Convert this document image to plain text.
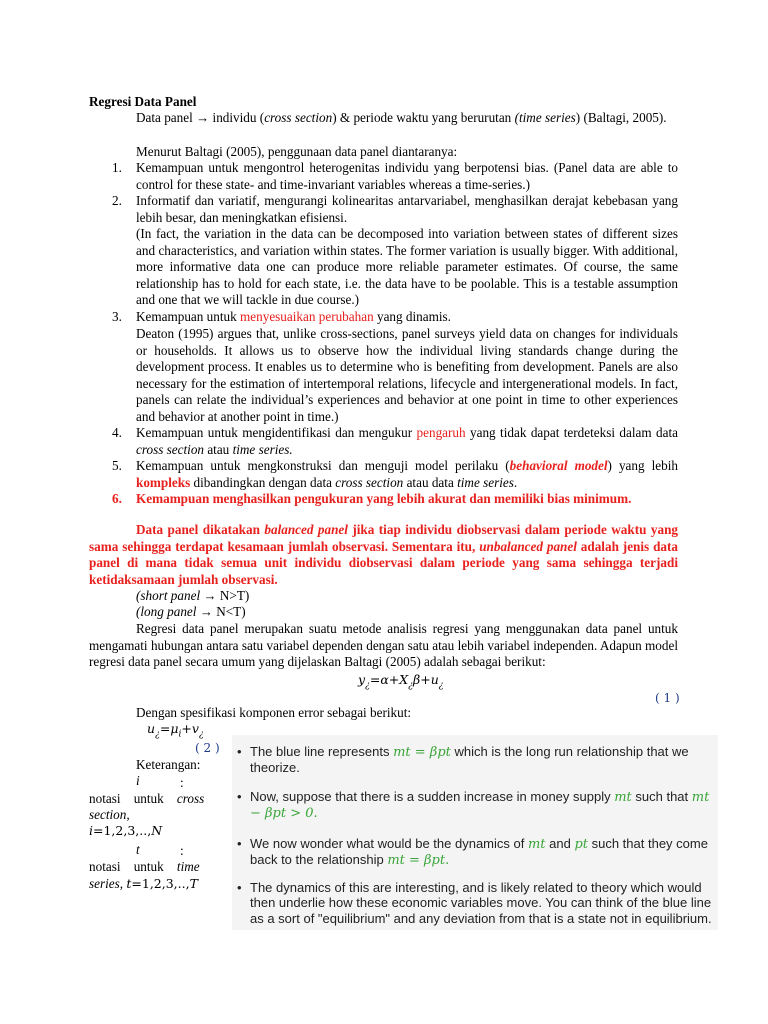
Regresi Data Panel
Data panel → individu (cross section) & periode waktu yang berurutan (time series) (Baltagi, 2005).
Menurut Baltagi (2005), penggunaan data panel diantaranya:
1.	Kemampuan untuk mengontrol heterogenitas individu yang berpotensi bias. (Panel data are able to control for these state- and time-invariant variables whereas a time-series.)
2.	Informatif dan variatif, mengurangi kolinearitas antarvariabel, menghasilkan derajat kebebasan yang lebih besar, dan meningkatkan efisiensi.
(In fact, the variation in the data can be decomposed into variation between states of different sizes and characteristics, and variation within states. The former variation is usually bigger. With additional, more informative data one can produce more reliable parameter estimates. Of course, the same relationship has to hold for each state, i.e. the data have to be poolable. This is a testable assumption and one that we will tackle in due course.)
3.	Kemampuan untuk menyesuaikan perubahan yang dinamis.
Deaton (1995) argues that, unlike cross-sections, panel surveys yield data on changes for individuals or households. It allows us to observe how the individual living standards change during the development process. It enables us to determine who is benefiting from development. Panels are also necessary for the estimation of intertemporal relations, lifecycle and intergenerational models. In fact, panels can relate the individual’s experiences and behavior at one point in time to other experiences and behavior at another point in time.)
4.	Kemampuan untuk mengidentifikasi dan mengukur pengaruh yang tidak dapat terdeteksi dalam data cross section atau time series.
5.	Kemampuan untuk mengkonstruksi dan menguji model perilaku (behavioral model) yang lebih kompleks dibandingkan dengan data cross section atau data time series.
6.	Kemampuan menghasilkan pengukuran yang lebih akurat dan memiliki bias minimum.
Data panel dikatakan balanced panel jika tiap individu diobservasi dalam periode waktu yang sama sehingga terdapat kesamaan jumlah observasi. Sementara itu, unbalanced panel adalah jenis data panel di mana tidak semua unit individu diobservasi dalam periode yang sama sehingga terjadi ketidaksamaan jumlah observasi.
(short panel → N>T)
(long panel → N<T)
Regresi data panel merupakan suatu metode analisis regresi yang menggunakan data panel untuk mengamati hubungan antara satu variabel dependen dengan satu atau lebih variabel independen. Adapun model regresi data panel secara umum yang dijelaskan Baltagi (2005) adalah sebagai berikut:
$y_¿=\alpha+X_¿\beta+u_¿$
( 1 )
Dengan spesifikasi komponen error sebagai berikut:
$u_¿=\mu_i+v_¿$
( 2 )
Keterangan:
i	:
notasi    untuk    cross
section,
i=1,2,3,..,N
t	:
notasi    untuk    time
series, t=1,2,3,..,T
• The blue line represents mt = βpt which is the long run relationship that we theorize.
• Now, suppose that there is a sudden increase in money supply mt such that mt − βpt > 0.
• We now wonder what would be the dynamics of mt and pt such that they come back to the relationship mt = βpt.
• The dynamics of this are interesting, and is likely related to theory which would then underlie how these economic variables move. You can think of the blue line as a sort of "equilibrium" and any deviation from that is a state not in equilibrium.
